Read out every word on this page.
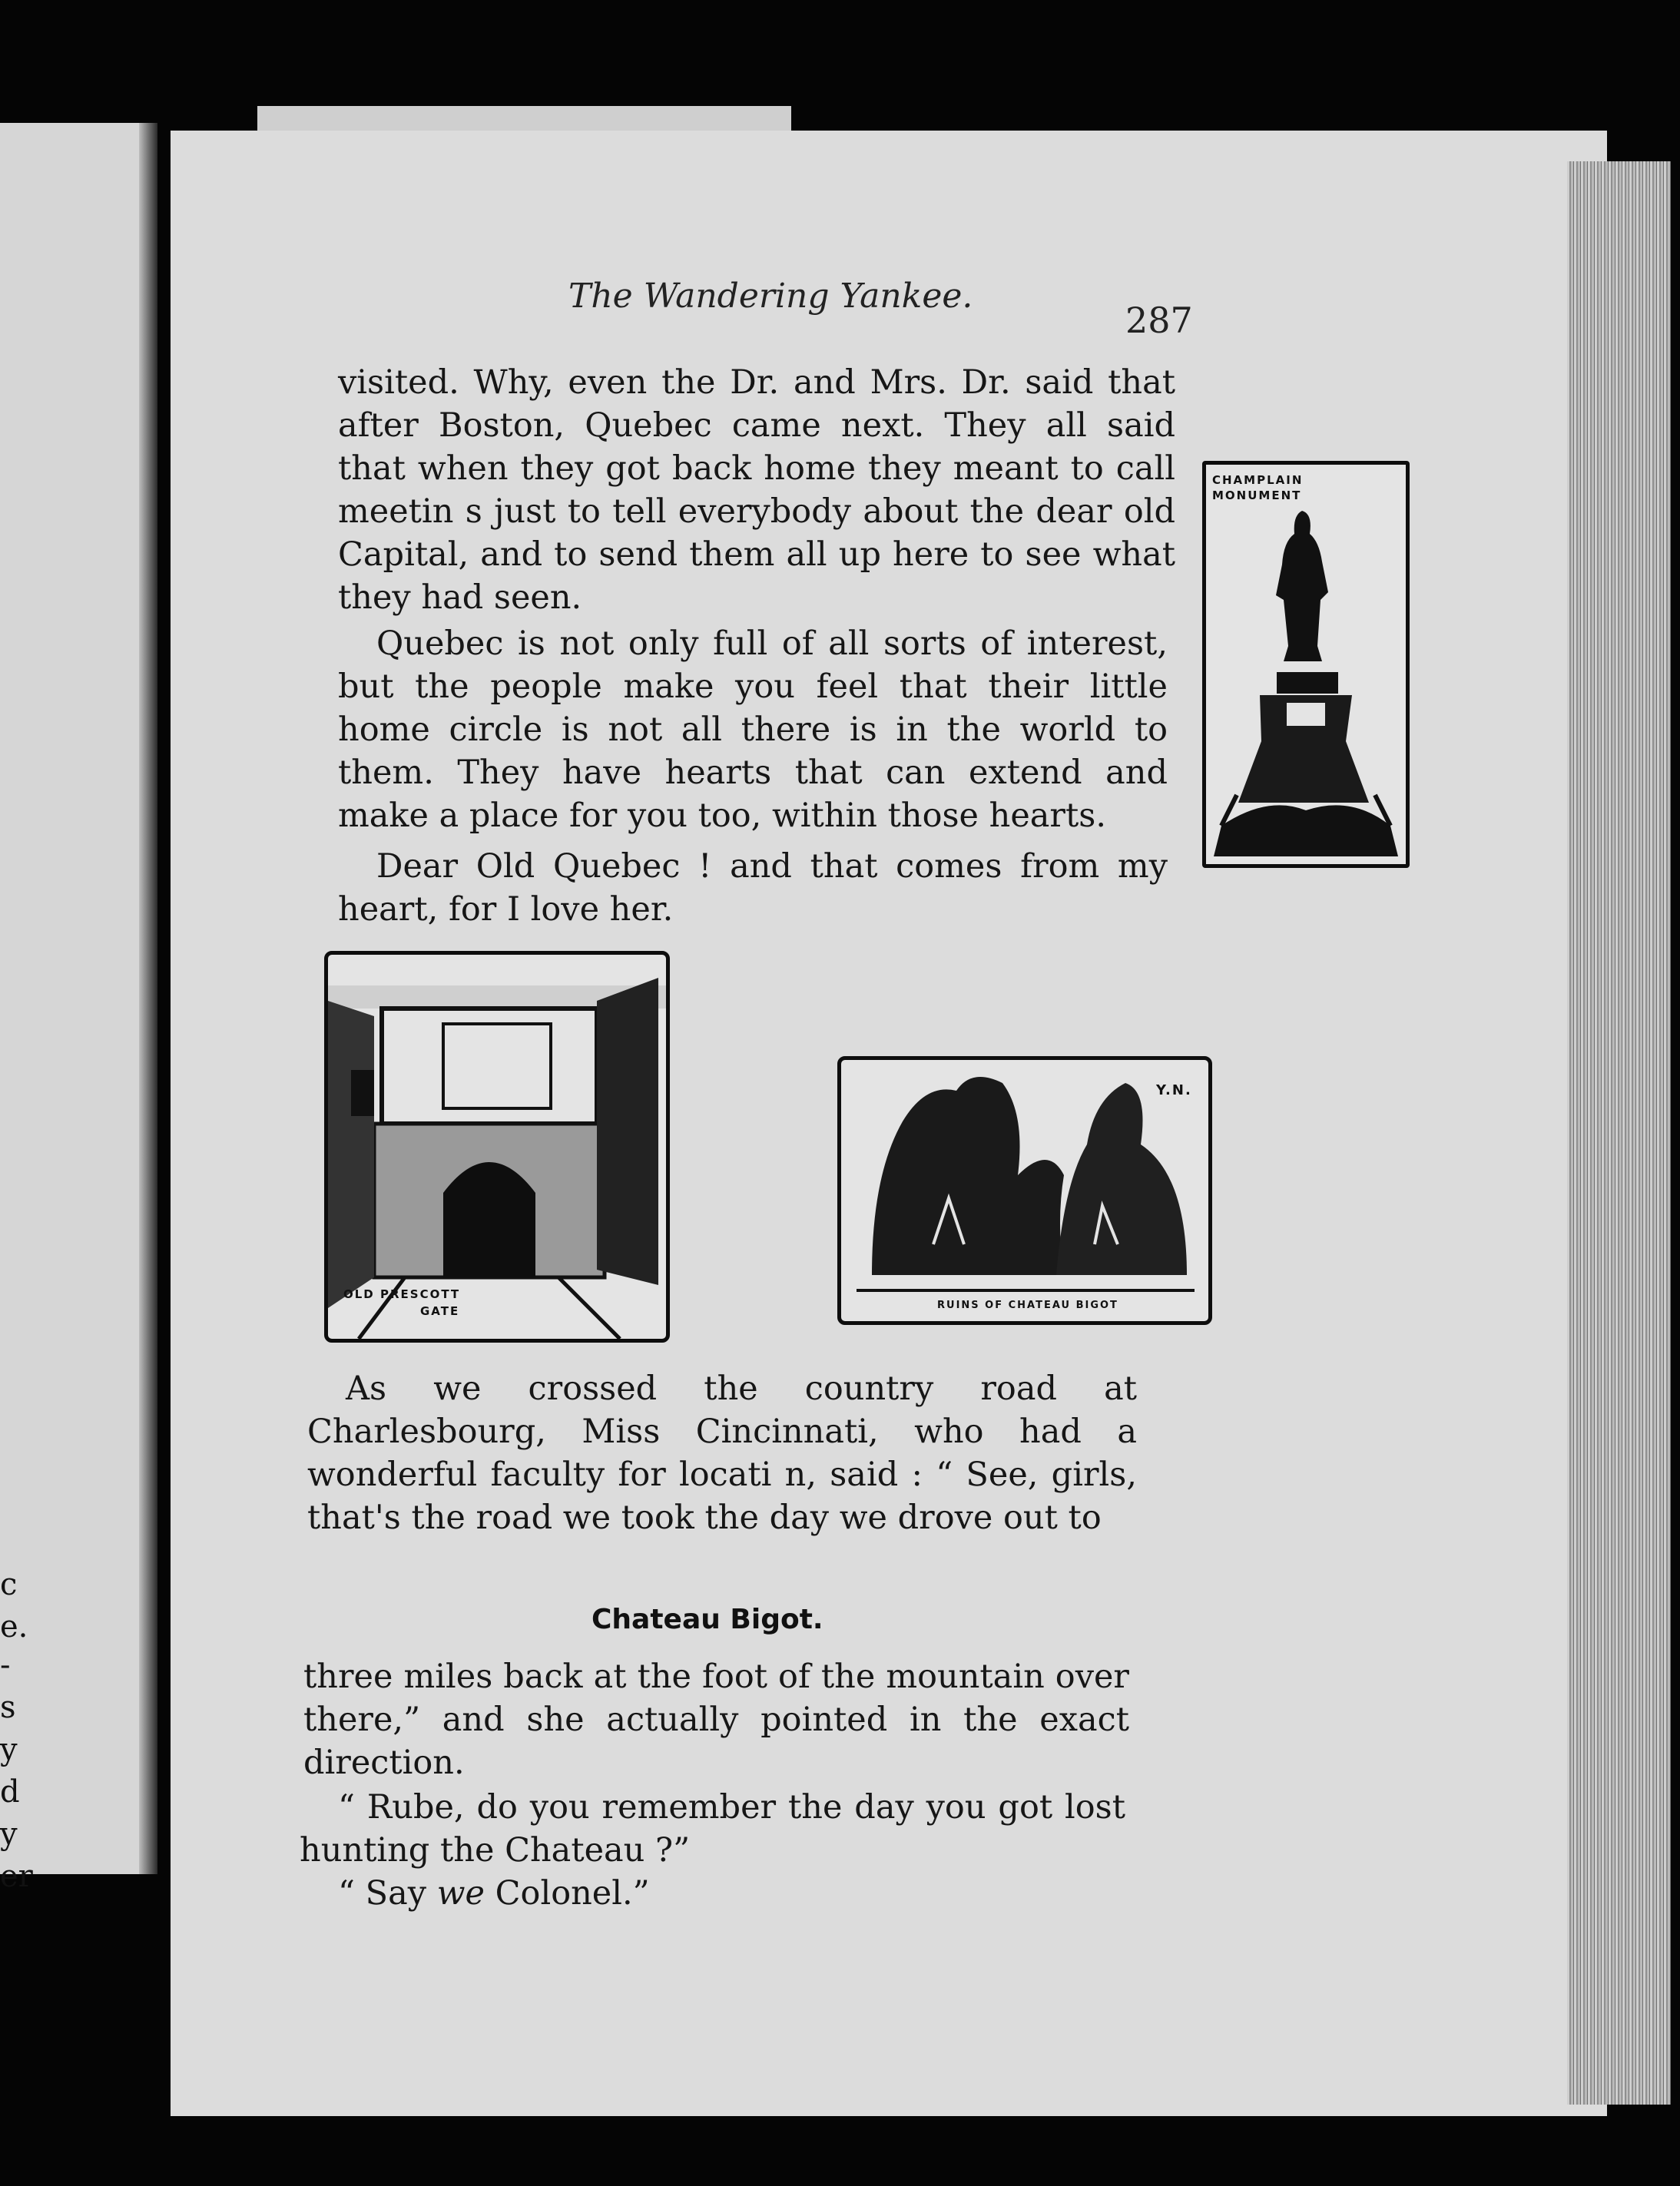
c
e.
-
s
y
d
y
er
The Wandering Yankee.
287
CHAMPLAIN
MONUMENT

visited. Why, even the Dr. and Mrs. Dr. said that after Boston, Quebec came next. They all said that when they got back home they meant to call meetin s just to tell everybody about the dear old Capital, and to send them all up here to see what they had seen.

Quebec is not only full of all sorts of interest, but the people make you feel that their little home circle is not all there is in the world to them. They have hearts that can extend and make a place for you too, within those hearts.

Dear Old Quebec ! and that comes from my heart, for I love her.

OLD PRESCOTT
GATE
Y.N.
RUINS OF CHATEAU BIGOT

As we crossed the country road at Charlesbourg, Miss Cincinnati, who had a wonderful faculty for locati n, said : “ See, girls, that's the road we took the day we drove out to

Chateau Bigot.

three miles back at the foot of the mountain over there,” and she actually pointed in the exact direction.

“ Rube, do you remember the day you got lost hunting the Chateau ?”

“ Say we Colonel.”
